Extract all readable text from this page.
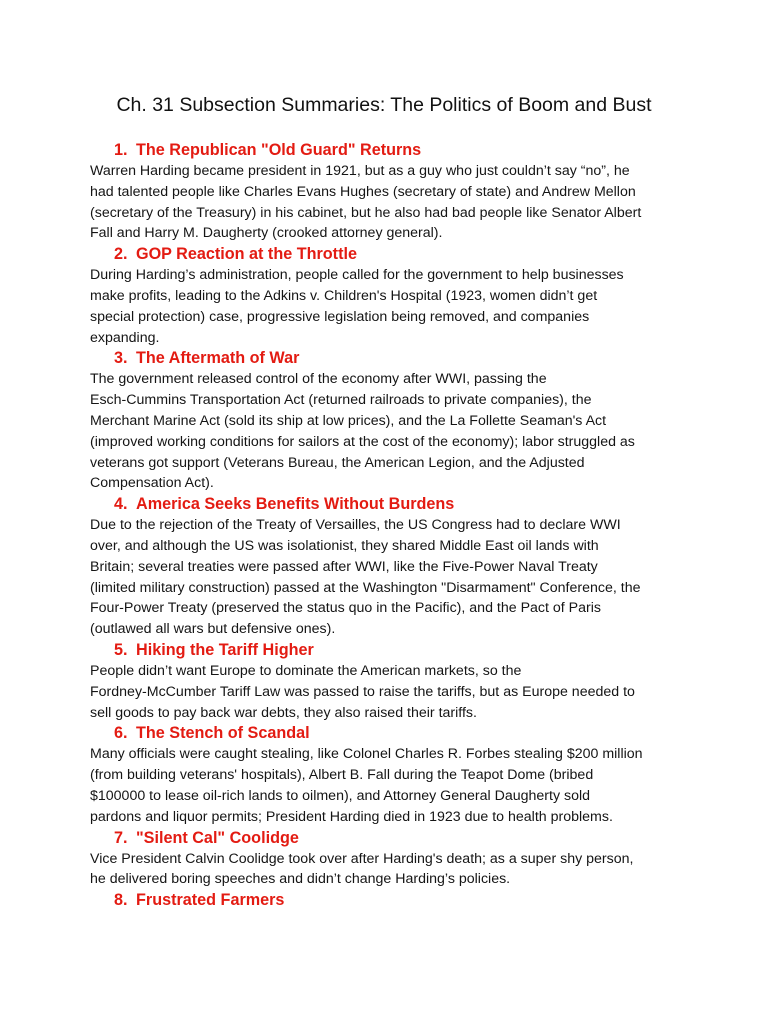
Ch. 31 Subsection Summaries: The Politics of Boom and Bust
1. The Republican "Old Guard" Returns

Warren Harding became president in 1921, but as a guy who just couldn’t say “no”, he
had talented people like Charles Evans Hughes (secretary of state) and Andrew Mellon
(secretary of the Treasury) in his cabinet, but he also had bad people like Senator Albert
Fall and Harry M. Daugherty (crooked attorney general).

2. GOP Reaction at the Throttle

During Harding’s administration, people called for the government to help businesses
make profits, leading to the Adkins v. Children's Hospital (1923, women didn’t get
special protection) case, progressive legislation being removed, and companies
expanding.

3. The Aftermath of War

The government released control of the economy after WWI, passing the
Esch-Cummins Transportation Act (returned railroads to private companies), the
Merchant Marine Act (sold its ship at low prices), and the La Follette Seaman's Act
(improved working conditions for sailors at the cost of the economy); labor struggled as
veterans got support (Veterans Bureau, the American Legion, and the Adjusted
Compensation Act).

4. America Seeks Benefits Without Burdens

Due to the rejection of the Treaty of Versailles, the US Congress had to declare WWI
over, and although the US was isolationist, they shared Middle East oil lands with
Britain; several treaties were passed after WWI, like the Five-Power Naval Treaty
(limited military construction) passed at the Washington "Disarmament" Conference, the
Four-Power Treaty (preserved the status quo in the Pacific), and the Pact of Paris
(outlawed all wars but defensive ones).

5. Hiking the Tariff Higher

People didn’t want Europe to dominate the American markets, so the
Fordney-McCumber Tariff Law was passed to raise the tariffs, but as Europe needed to
sell goods to pay back war debts, they also raised their tariffs.

6. The Stench of Scandal

Many officials were caught stealing, like Colonel Charles R. Forbes stealing $200 million
(from building veterans' hospitals), Albert B. Fall during the Teapot Dome (bribed
$100000 to lease oil-rich lands to oilmen), and Attorney General Daugherty sold
pardons and liquor permits; President Harding died in 1923 due to health problems.

7. "Silent Cal" Coolidge

Vice President Calvin Coolidge took over after Harding's death; as a super shy person,
he delivered boring speeches and didn’t change Harding’s policies.

8. Frustrated Farmers
